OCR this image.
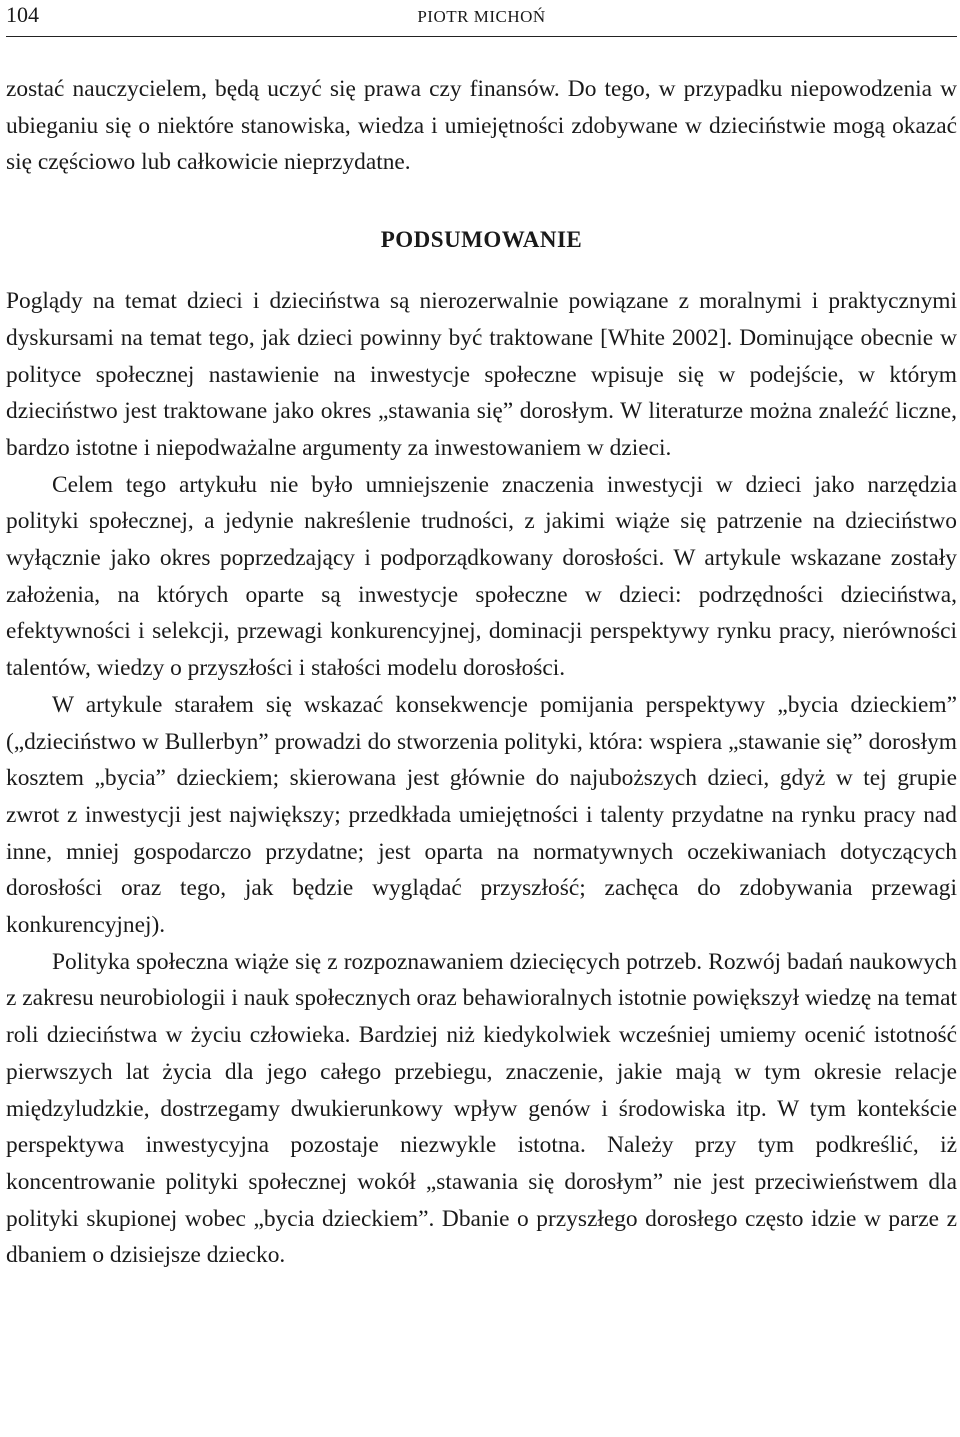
104	PIOTR MICHOŃ

zostać nauczycielem, będą uczyć się prawa czy finansów. Do tego, w przypadku niepowodzenia w ubieganiu się o niektóre stanowiska, wiedza i umiejętności zdobywane w dzieciństwie mogą okazać się częściowo lub całkowicie nieprzydatne.

PODSUMOWANIE

Poglądy na temat dzieci i dzieciństwa są nierozerwalnie powiązane z moralnymi i praktycznymi dyskursami na temat tego, jak dzieci powinny być traktowane [White 2002]. Dominujące obecnie w polityce społecznej nastawienie na inwestycje społeczne wpisuje się w podejście, w którym dzieciństwo jest traktowane jako okres „stawania się” dorosłym. W literaturze można znaleźć liczne, bardzo istotne i niepodważalne argumenty za inwestowaniem w dzieci.

Celem tego artykułu nie było umniejszenie znaczenia inwestycji w dzieci jako narzędzia polityki społecznej, a jedynie nakreślenie trudności, z jakimi wiąże się patrzenie na dzieciństwo wyłącznie jako okres poprzedzający i podporządkowany dorosłości. W artykule wskazane zostały założenia, na których oparte są inwestycje społeczne w dzieci: podrzędności dzieciństwa, efektywności i selekcji, przewagi konkurencyjnej, dominacji perspektywy rynku pracy, nierówności talentów, wiedzy o przyszłości i stałości modelu dorosłości.

W artykule starałem się wskazać konsekwencje pomijania perspektywy „bycia dzieckiem” („dzieciństwo w Bullerbyn” prowadzi do stworzenia polityki, która: wspiera „stawanie się” dorosłym kosztem „bycia” dzieckiem; skierowana jest głównie do najuboższych dzieci, gdyż w tej grupie zwrot z inwestycji jest największy; przedkłada umiejętności i talenty przydatne na rynku pracy nad inne, mniej gospodarczo przydatne; jest oparta na normatywnych oczekiwaniach dotyczących dorosłości oraz tego, jak będzie wyglądać przyszłość; zachęca do zdobywania przewagi konkurencyjnej).

Polityka społeczna wiąże się z rozpoznawaniem dziecięcych potrzeb. Rozwój badań naukowych z zakresu neurobiologii i nauk społecznych oraz behawioralnych istotnie powiększył wiedzę na temat roli dzieciństwa w życiu człowieka. Bardziej niż kiedykolwiek wcześniej umiemy ocenić istotność pierwszych lat życia dla jego całego przebiegu, znaczenie, jakie mają w tym okresie relacje międzyludzkie, dostrzegamy dwukierunkowy wpływ genów i środowiska itp. W tym kontekście perspektywa inwestycyjna pozostaje niezwykle istotna. Należy przy tym podkreślić, iż koncentrowanie polityki społecznej wokół „stawania się dorosłym” nie jest przeciwieństwem dla polityki skupionej wobec „bycia dzieckiem”. Dbanie o przyszłego dorosłego często idzie w parze z dbaniem o dzisiejsze dziecko.
